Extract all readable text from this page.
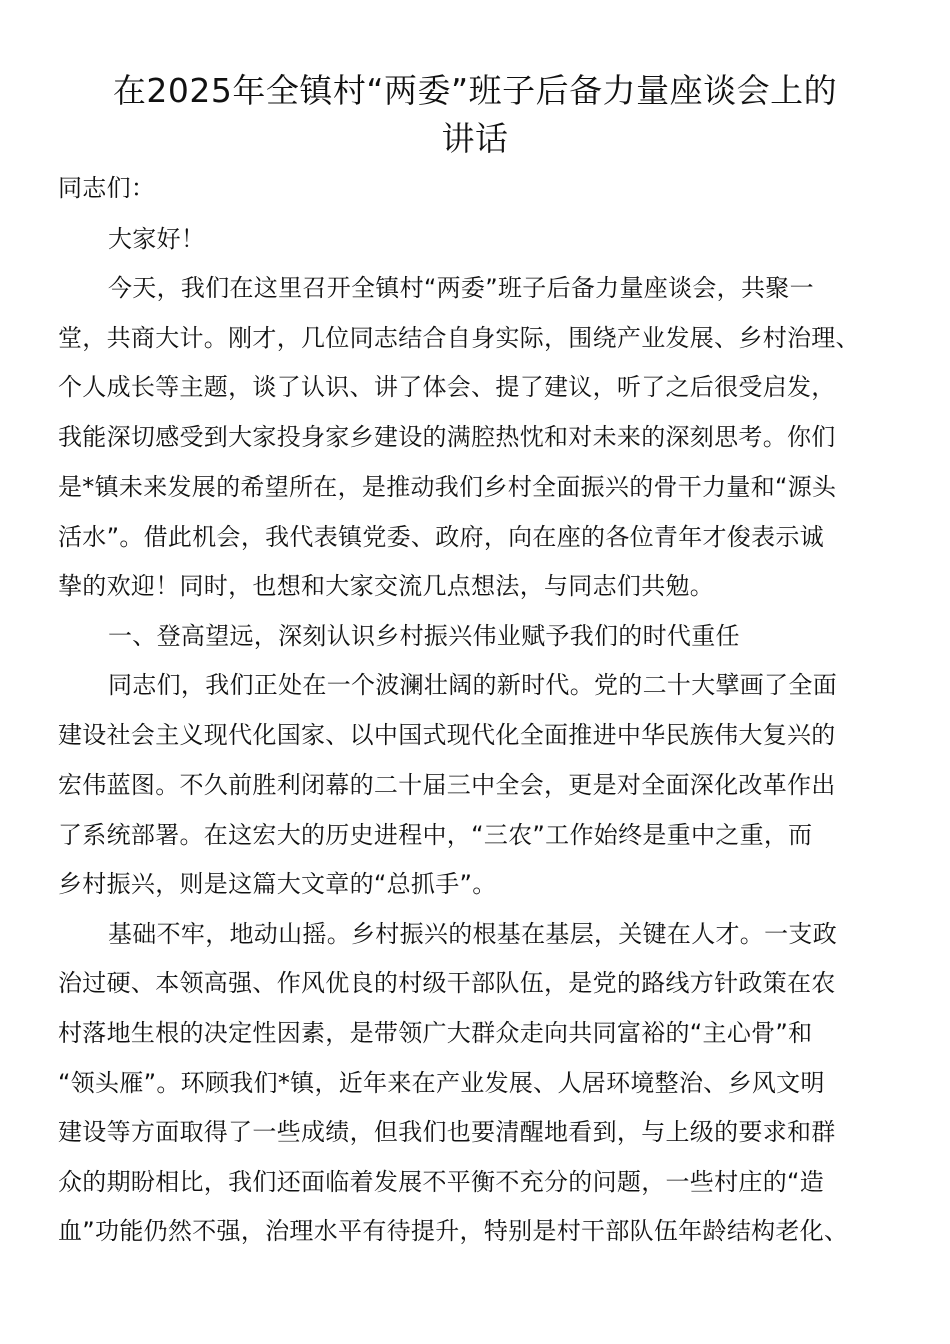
在2025年全镇村“两委”班子后备力量座谈会上的
讲话
同志们：
大家好！
今天，我们在这里召开全镇村“两委”班子后备力量座谈会，共聚一
堂，共商大计。刚才，几位同志结合自身实际，围绕产业发展、乡村治理、
个人成长等主题，谈了认识、讲了体会、提了建议，听了之后很受启发，
我能深切感受到大家投身家乡建设的满腔热忱和对未来的深刻思考。你们
是*镇未来发展的希望所在，是推动我们乡村全面振兴的骨干力量和“源头
活水”。借此机会，我代表镇党委、政府，向在座的各位青年才俊表示诚
挚的欢迎！同时，也想和大家交流几点想法，与同志们共勉。
一、登高望远，深刻认识乡村振兴伟业赋予我们的时代重任
同志们，我们正处在一个波澜壮阔的新时代。党的二十大擘画了全面
建设社会主义现代化国家、以中国式现代化全面推进中华民族伟大复兴的
宏伟蓝图。不久前胜利闭幕的二十届三中全会，更是对全面深化改革作出
了系统部署。在这宏大的历史进程中，“三农”工作始终是重中之重，而
乡村振兴，则是这篇大文章的“总抓手”。
基础不牢，地动山摇。乡村振兴的根基在基层，关键在人才。一支政
治过硬、本领高强、作风优良的村级干部队伍，是党的路线方针政策在农
村落地生根的决定性因素，是带领广大群众走向共同富裕的“主心骨”和
“领头雁”。环顾我们*镇，近年来在产业发展、人居环境整治、乡风文明
建设等方面取得了一些成绩，但我们也要清醒地看到，与上级的要求和群
众的期盼相比，我们还面临着发展不平衡不充分的问题，一些村庄的“造
血”功能仍然不强，治理水平有待提升，特别是村干部队伍年龄结构老化、
